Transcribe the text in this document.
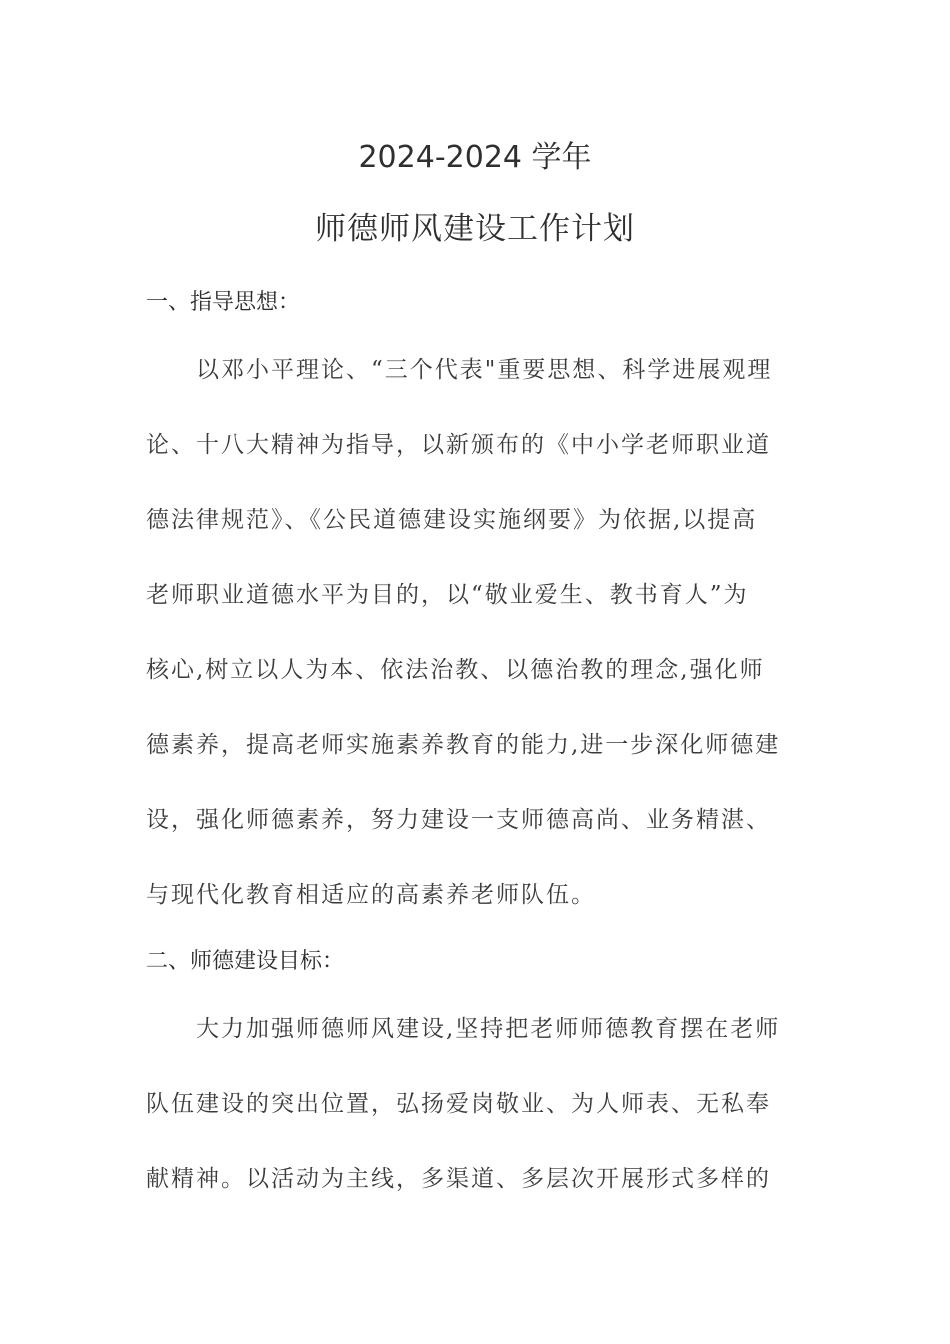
2024-2024 学年
师德师风建设工作计划
一、指导思想：
以邓小平理论、“三个代表"重要思想、科学进展观理
论、十八大精神为指导，以新颁布的《中小学老师职业道
德法律规范》、《公民道德建设实施纲要》为依据,以提高
老师职业道德水平为目的，以“敬业爱生、教书育人”为
核心,树立以人为本、依法治教、以德治教的理念,强化师
德素养，提高老师实施素养教育的能力,进一步深化师德建
设，强化师德素养，努力建设一支师德高尚、业务精湛、
与现代化教育相适应的高素养老师队伍。
二、师德建设目标：
大力加强师德师风建设,坚持把老师师德教育摆在老师
队伍建设的突出位置，弘扬爱岗敬业、为人师表、无私奉
献精神。以活动为主线，多渠道、多层次开展形式多样的
